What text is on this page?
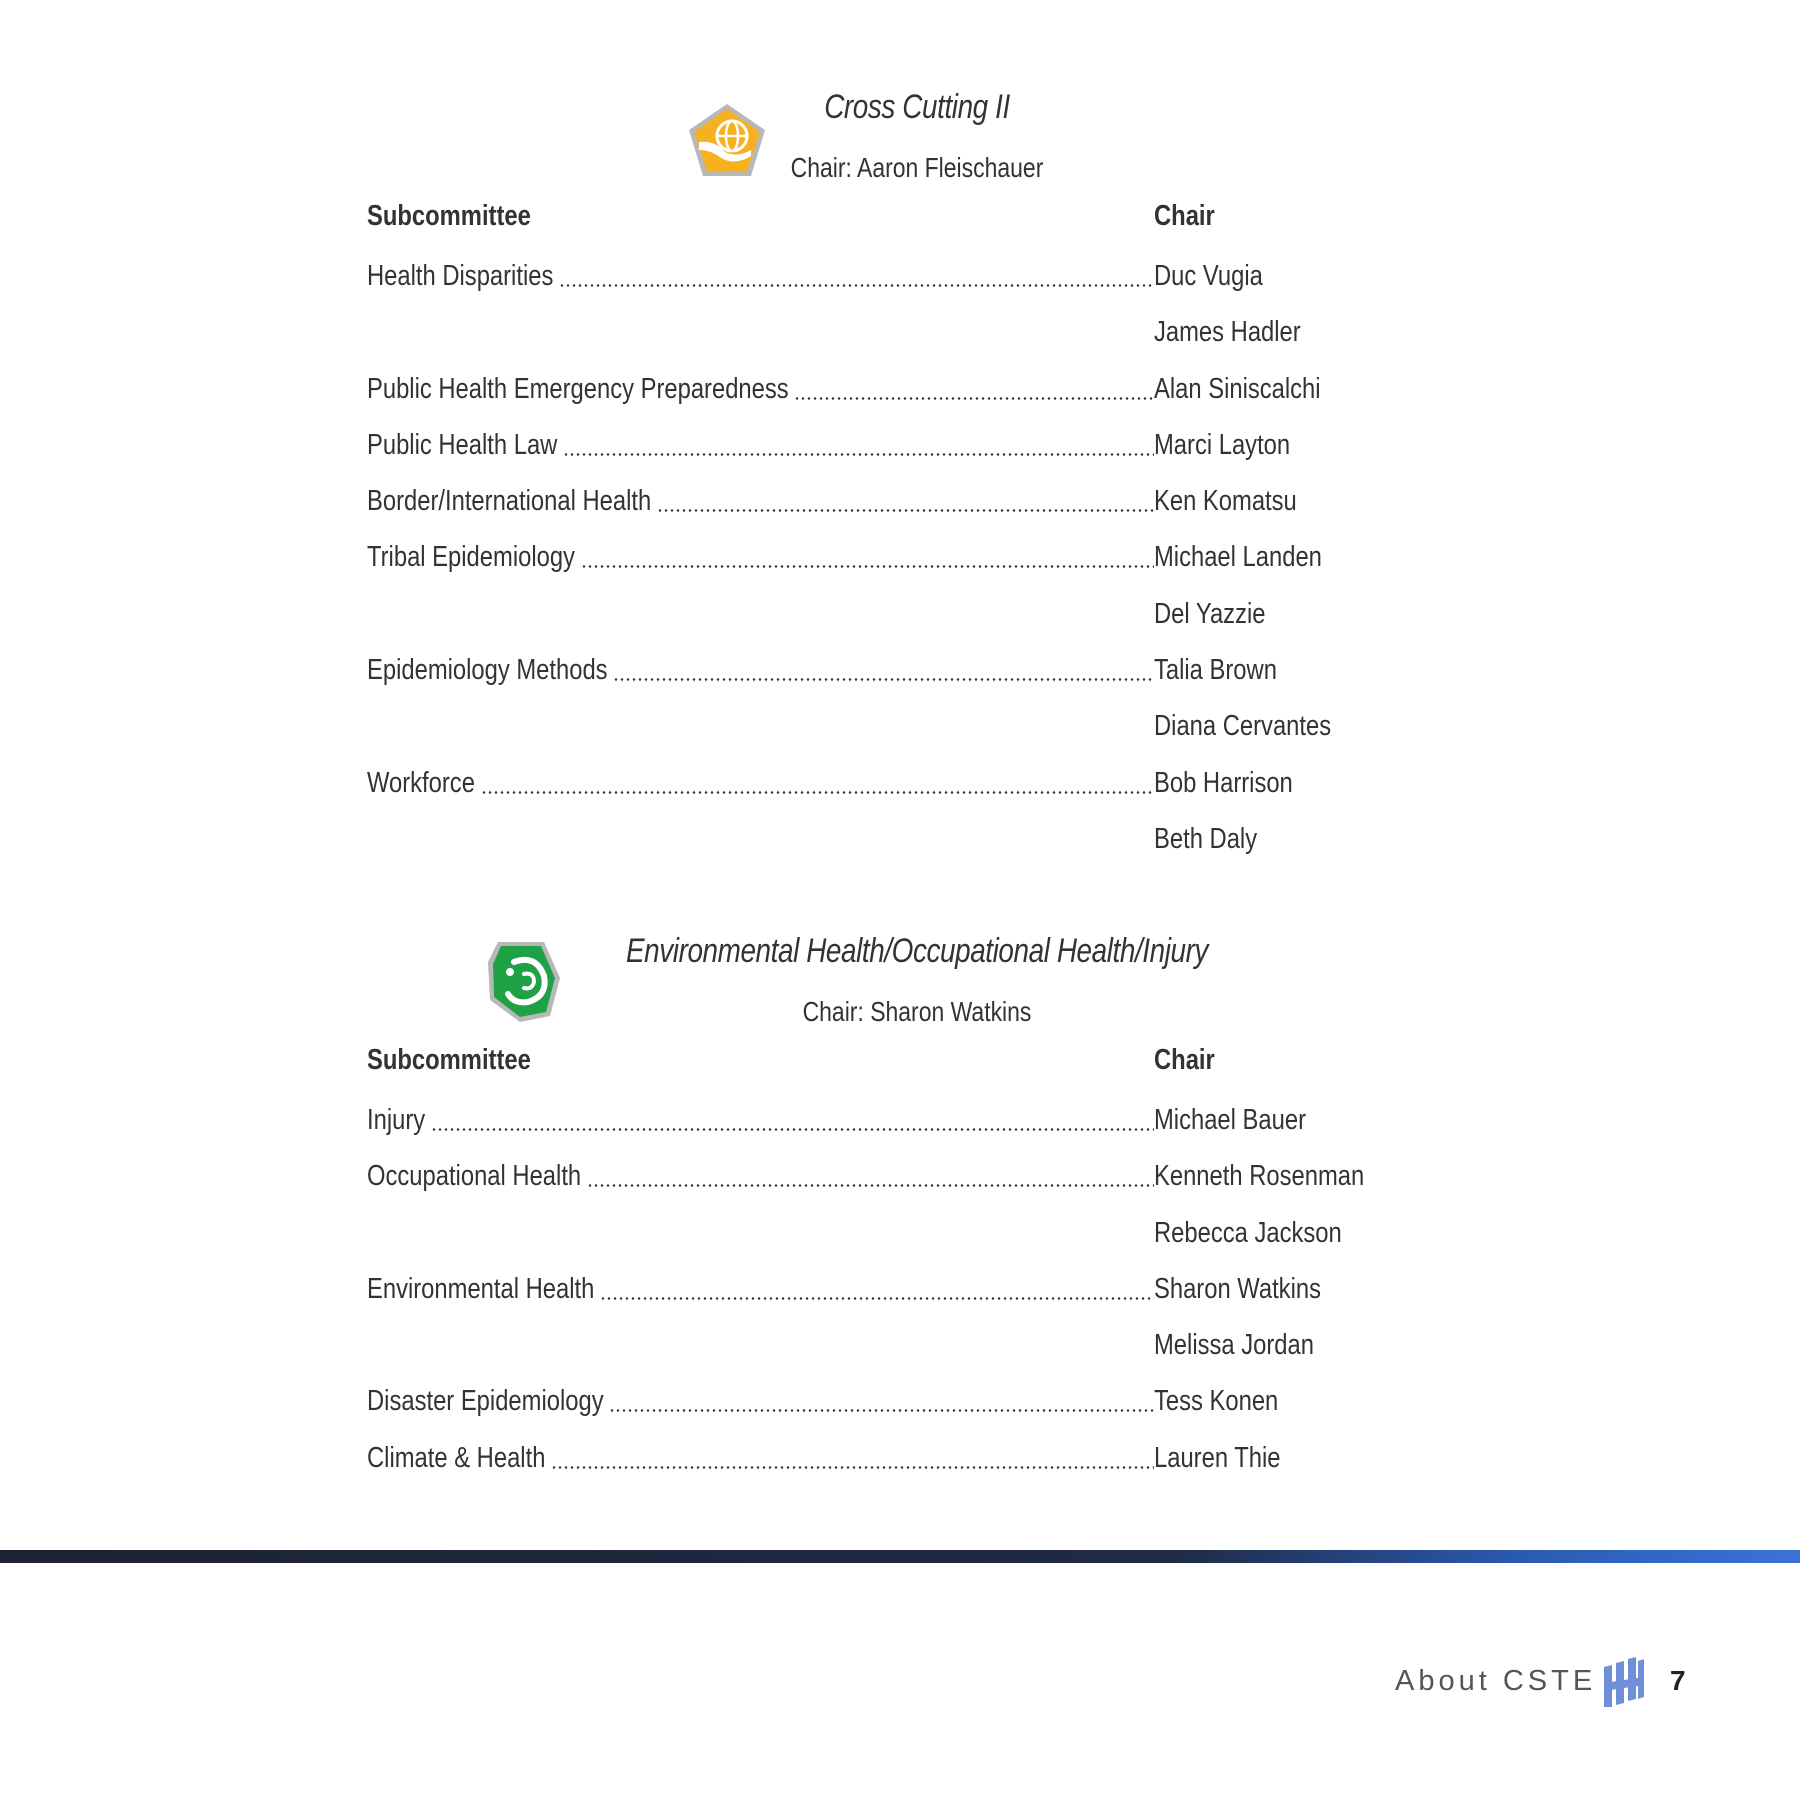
Cross Cutting II
Chair: Aaron Fleischauer
Subcommittee	Chair
Health Disparities	Duc Vugia
James Hadler
Public Health Emergency Preparedness	Alan Siniscalchi
Public Health Law	Marci Layton
Border/International Health	Ken Komatsu
Tribal Epidemiology	Michael Landen
Del Yazzie
Epidemiology Methods	Talia Brown
Diana Cervantes
Workforce	Bob Harrison
Beth Daly
Environmental Health/Occupational Health/Injury
Chair: Sharon Watkins
Subcommittee	Chair
Injury	Michael Bauer
Occupational Health	Kenneth Rosenman
Rebecca Jackson
Environmental Health	Sharon Watkins
Melissa Jordan
Disaster Epidemiology	Tess Konen
Climate & Health	Lauren Thie
About CSTE	7
